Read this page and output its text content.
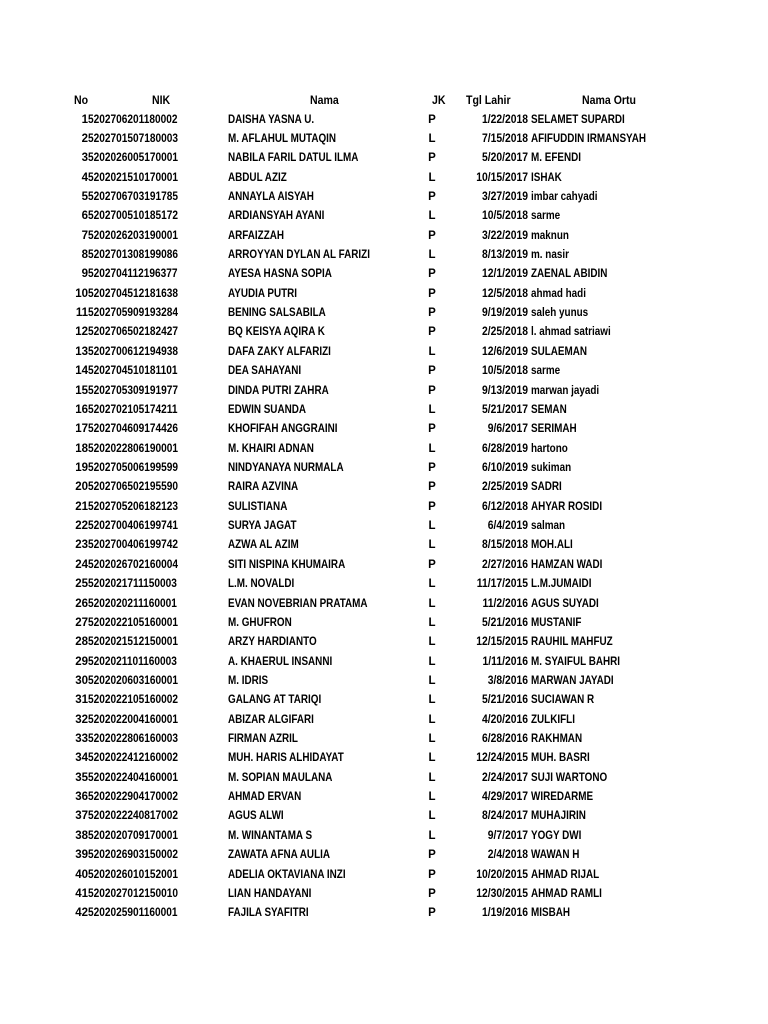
No	NIK	Nama	JK Tgl Lahir	Nama Ortu
1 5202706201180002	DAISHA YASNA U.	P	1/22/2018 SELAMET SUPARDI
2 5202701507180003	M. AFLAHUL MUTAQIN	L	7/15/2018 AFIFUDDIN IRMANSYAH
3 5202026005170001	NABILA FARIL DATUL ILMA	P	5/20/2017 M. EFENDI
4 5202021510170001	ABDUL AZIZ	L	10/15/2017 ISHAK
5 5202706703191785	ANNAYLA AISYAH	P	3/27/2019 imbar cahyadi
6 5202700510185172	ARDIANSYAH AYANI	L	10/5/2018 sarme
7 5202026203190001	ARFAIZZAH	P	3/22/2019 maknun
8 5202701308199086	ARROYYAN DYLAN AL FARIZI	L	8/13/2019 m. nasir
9 5202704112196377	AYESA HASNA SOPIA	P	12/1/2019 ZAENAL ABIDIN
10 5202704512181638	AYUDIA PUTRI	P	12/5/2018 ahmad hadi
11 5202705909193284	BENING SALSABILA	P	9/19/2019 saleh yunus
12 5202706502182427	BQ KEISYA AQIRA K	P	2/25/2018 l. ahmad satriawi
13 5202700612194938	DAFA ZAKY ALFARIZI	L	12/6/2019 SULAEMAN
14 5202704510181101	DEA SAHAYANI	P	10/5/2018 sarme
15 5202705309191977	DINDA PUTRI ZAHRA	P	9/13/2019 marwan jayadi
16 5202702105174211	EDWIN SUANDA	L	5/21/2017 SEMAN
17 5202704609174426	KHOFIFAH ANGGRAINI	P	9/6/2017 SERIMAH
18 5202022806190001	M. KHAIRI ADNAN	L	6/28/2019 hartono
19 5202705006199599	NINDYANAYA NURMALA	P	6/10/2019 sukiman
20 5202706502195590	RAIRA AZVINA	P	2/25/2019 SADRI
21 5202705206182123	SULISTIANA	P	6/12/2018 AHYAR ROSIDI
22 5202700406199741	SURYA JAGAT	L	6/4/2019 salman
23 5202700406199742	AZWA AL AZIM	L	8/15/2018 MOH.ALI
24 5202026702160004	SITI NISPINA KHUMAIRA	P	2/27/2016 HAMZAN WADI
25 5202021711150003	L.M. NOVALDI	L	11/17/2015 L.M.JUMAIDI
26 5202020211160001	EVAN NOVEBRIAN PRATAMA	L	11/2/2016 AGUS SUYADI
27 5202022105160001	M. GHUFRON	L	5/21/2016 MUSTANIF
28 5202021512150001	ARZY HARDIANTO	L	12/15/2015 RAUHIL MAHFUZ
29 5202021101160003	A. KHAERUL INSANNI	L	1/11/2016 M. SYAIFUL BAHRI
30 5202020603160001	M. IDRIS	L	3/8/2016 MARWAN JAYADI
31 5202022105160002	GALANG AT TARIQI	L	5/21/2016 SUCIAWAN R
32 5202022004160001	ABIZAR ALGIFARI	L	4/20/2016 ZULKIFLI
33 5202022806160003	FIRMAN AZRIL	L	6/28/2016 RAKHMAN
34 5202022412160002	MUH. HARIS ALHIDAYAT	L	12/24/2015 MUH. BASRI
35 5202022404160001	M. SOPIAN MAULANA	L	2/24/2017 SUJI WARTONO
36 5202022904170002	AHMAD ERVAN	L	4/29/2017 WIREDARME
37 5202022240817002	AGUS ALWI	L	8/24/2017 MUHAJIRIN
38 5202020709170001	M. WINANTAMA S	L	9/7/2017 YOGY DWI
39 5202026903150002	ZAWATA AFNA AULIA	P	2/4/2018 WAWAN H
40 5202026010152001	ADELIA OKTAVIANA INZI	P	10/20/2015 AHMAD RIJAL
41 5202027012150010	LIAN HANDAYANI	P	12/30/2015 AHMAD RAMLI
42 5202025901160001	FAJILA SYAFITRI	P	1/19/2016 MISBAH
